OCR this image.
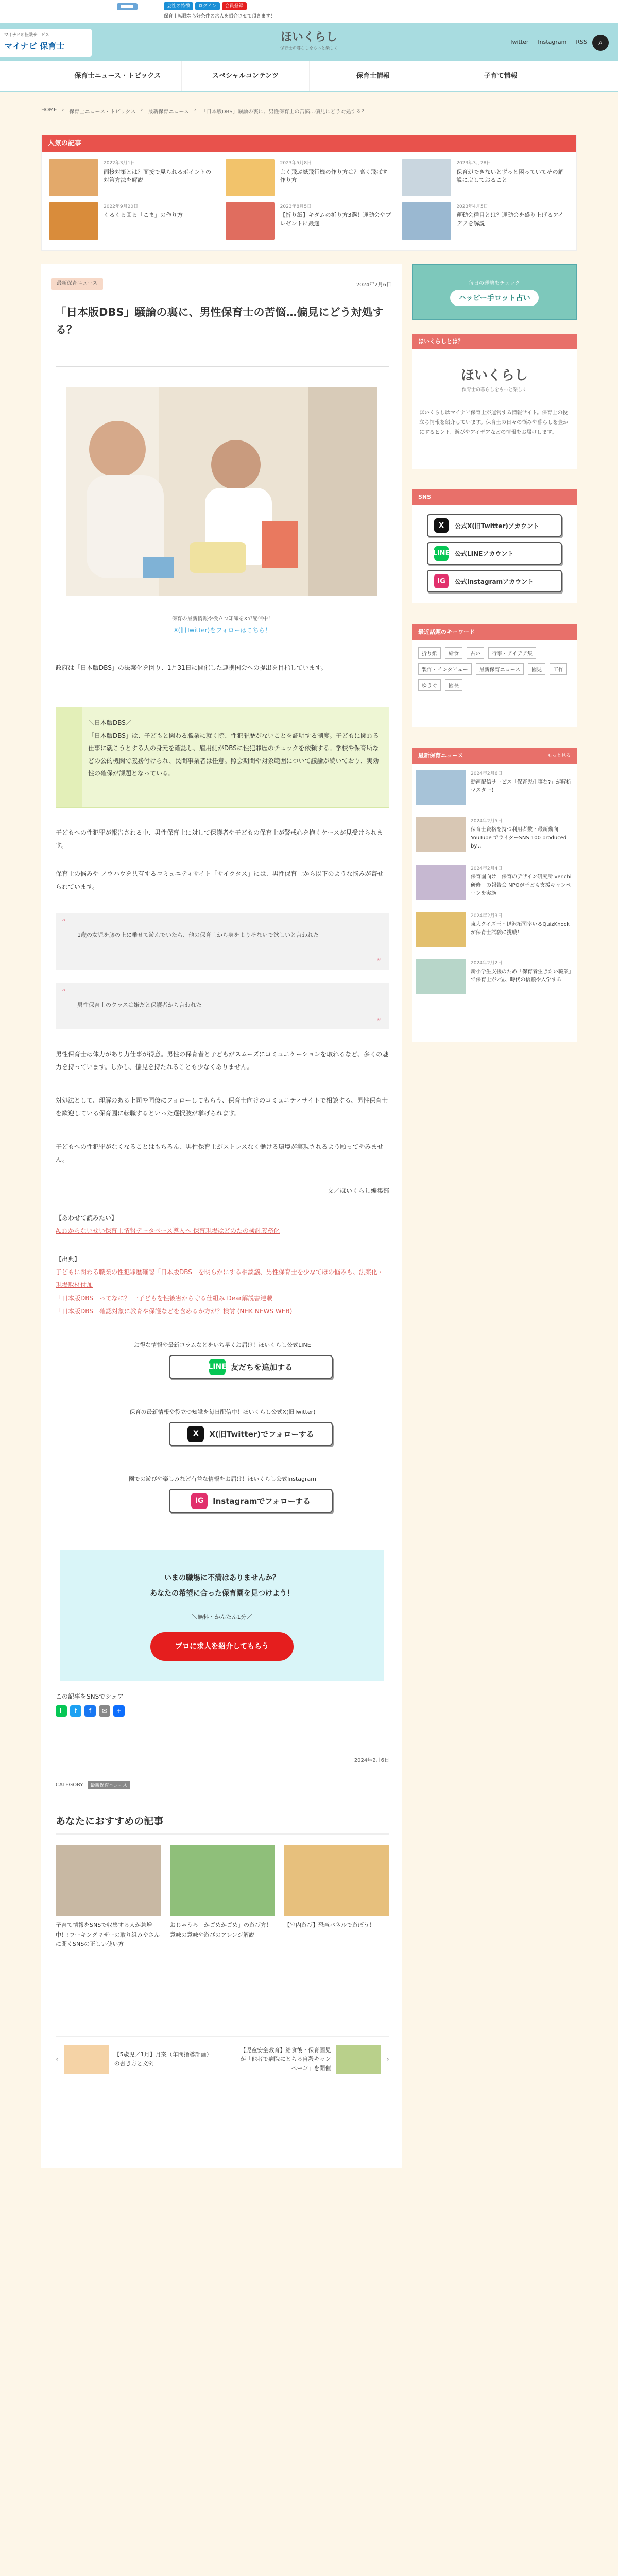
会社の特徴	ログイン	会員登録
保育士転職なら好条件の求人を紹介させて頂きます！
マイナビの転職サービス
マイナビ 保育士
ほいくらし
保育士の暮らしをもっと楽しく
Twitter Instagram RSS	⌕
保育士ニュース・トピックス	スペシャルコンテンツ	保育士情報	子育て情報
HOME › 保育士ニュース・トピックス › 最新保育ニュース › 「日本版DBS」騒論の裏に、男性保育士の苦悩…偏見にどう対処する？
人気の記事
2022年3月1日
面接対策とは？面接で見られるポイントの対策方法を解説
2023年5月8日
よく飛ぶ紙飛行機の作り方は？高く飛ばす作り方
2023年3月28日
保育ができないとずっと困っていてその解説に戻しておること
2022年9月20日
くるくる回る「こま」の作り方
2023年8月5日
【折り紙】キダムの折り方3選！運動会やプレゼントに最適
2023年4月5日
運動会種目とは？運動会を盛り上げるアイデアを解説
最新保育ニュース	2024年2月6日
「日本版DBS」騒論の裏に、男性保育士の苦悩…偏見にどう対処する？
保育の最新情報や役立つ知識をXで配信中！
X(旧Twitter)をフォローはこちら！

政府は「日本版DBS」の法案化を図り、1月31日に開催した連携国会への提出を目指しています。

＼日本版DBS／
「日本版DBS」は、子どもと関わる職業に就く際、性犯罪歴がないことを証明する制度。子どもに関わる仕事に就こうとする人の身元を確認し、雇用側がDBSに性犯罪歴のチェックを依頼する。学校や保育所などの公的機関で義務付けられ、民間事業者は任意。照会期間や対象範囲について議論が続いており、実効性の確保が課題となっている。

子どもへの性犯罪が報告される中、男性保育士に対して保護者や子どもの保育士が警戒心を抱くケースが見受けられます。

保育士の悩みや ノウハウを共有するコミュニティサイト「サイクタス」には、男性保育士から以下のような悩みが寄せられています。

“
1歳の女児を膝の上に乗せて遊んでいたら、他の保育士から身をよりそないで欲しいと言われた
”
“
男性保育士のクラスは嫌だと保護者から言われた
”

男性保育士は体力があり力仕事が得意。男性の保育者と子どもがスムーズにコミュニケーションを取れるなど、多くの魅力を持っています。しかし、偏見を持たれることも少なくありません。

対処法として、理解のある上司や同僚にフォローしてもらう、保育士向けのコミュニティサイトで相談する、男性保育士を歓迎している保育園に転職するといった選択肢が挙げられます。

子どもへの性犯罪がなくなることはもちろん、男性保育士がストレスなく働ける環境が実現されるよう願ってやみません。

文／ほいくらし編集部
【あわせて読みたい】
A.わからないせい保育士情報データベース導入へ 保育現場はどのたの検討義務化
【出典】
子どもに関わる職業の性犯罪歴確認「日本版DBS」を明らかにする相談議、男性保育士を少なてほの悩みも、法案化・現場取材付加
「日本版DBS」ってなに？ 一子どもを性被害から守る仕組み Dear解説書連載
「日本版DBS」確認対象に教育や保護などを含めるか方が？検討 (NHK NEWS WEB)
お得な情報や最新コラムなどをいち早くお届け！ほいくらし公式LINE
LINE 友だちを追加する
保育の最新情報や役立つ知識を毎日配信中！ほいくらし公式X(旧Twitter)
X	X(旧Twitter)でフォローする
園での遊びや楽しみなど有益な情報をお届け！ほいくらし公式Instagram
IG	Instagramでフォローする
いまの職場に不満はありませんか？
あなたの希望に合った保育園を見つけよう！
＼無料・かんたん1分／
プロに求人を紹介してもらう
この記事をSNSでシェア
L	t	f	✉	+
2024年2月6日
CATEGORY	最新保育ニュース
あなたにおすすめの記事
子育て情報をSNSで収集する人が急増中！!ワーキングマザーの取り組みやさんに聞くSNSの正しい使い方
おじゃうろ「かごめかごめ」の遊び方！意味の意味や遊びのアレンジ解説
【室内遊び】恐竜パネルで遊ぼう！
‹
【5歳児／1月】月案（年間指導計画）の書き方と文例
›
【児童安全教育】給食後・保育園児が「他者で病院にとらる自殺キャンペーン」を開催
毎日の運勢をチェック
ハッピー手ロット占い
ほいくらしとは？
ほいくらし
保育士の暮らしをもっと楽しく
ほいくらしはマイナビ保育士が運営する情報サイト。保育士の役立ち情報を紹介しています。保育士の日々の悩みや暮らしを豊かにするヒント、遊びやアイデアなどの情報をお届けします。
SNS
X	公式X(旧Twitter)アカウント
LINE 公式LINEアカウント
IG	公式Instagramアカウント
最近話題のキーワード
折り紙	給食	占い	行事・アイデア集
製作・インタビュー	最新保育ニュース	園児	工作
ゆうぐ	園長
最新保育ニュース	もっと見る
2024年2月6日
動画配信サービス「保育児仕事な?」が解析マスター！
2024年2月5日
保育士資格を持つ利用者数・最新動向 YouTube でライターSNS 100 produced by...
2024年2月4日
保育園向け「保育のデザイン研究所 ver.chi 研修」の報告会 NPOが子ども支援キャンペーンを実施
2024年2月3日
東大クイズ王・伊沢拓司率いるQuizKnockが保育士試験に挑戦！
2024年2月2日
新小学生支援のため「保育者生きたい職業」で保育士が2位、時代の信頼や入学する
